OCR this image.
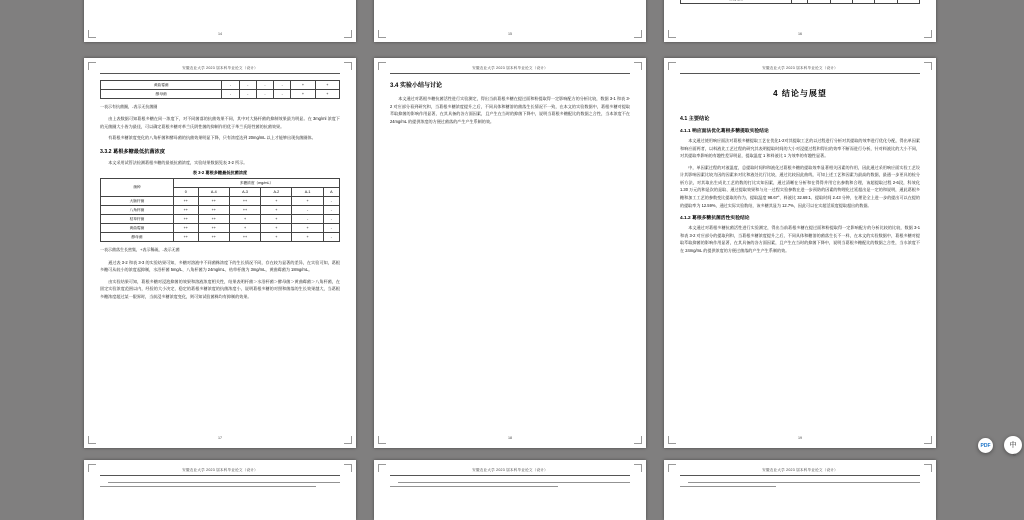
14	15
							16
安徽农业大学 2023 届本科毕业论文（设计）
黄曲霉菌	-	-	-	-	+	+
酵母菌	-	-	-	-	+	+

一表示有抗菌圈，-表示无抗菌圈

由上表数据可知葛根多糖在同一浓度下，对不同菌落的抗菌效果不同，其中对大肠杆菌的抑制效果最为明显。在 3mg/ml 浓度下的无菌圈大小皆为最佳，可以确定葛根多糖对革兰氏阴性菌的抑制作用优于革兰氏阳性菌的抗菌效果。

有葛根多糖浓度变化的八角杯菌和酵母菌的抗菌效果明显下降，只有浓度达到 20mg/mL 以上才能够出现抗菌圈体。

3.3.2 葛根多糖最低抗菌浓度

本文采用试管法检测葛根多糖的最低抗菌浓度，实验结果数据见表 3-2 所示。

表 3-2 葛根多糖最低抗菌浓度
菌种	多糖浓度（mg/mL）					
	0	A-4	A-3	A-2	A-1	A
大肠杆菌	++	++	++	+	+	-
八角杯菌	++	++	++	+	-	-
枯草杆菌	++	++	+	+	-	-
黄曲霉菌	++	++	+	+	+	-
酵母菌	++	++	++	+	+	-

一表示菌落生长密集，+表示稀疏，-表示无菌

通过表 3-2 和表 3-3 的实验结果可知，多糖对溶液中不同菌株浓度下的生长情况不同，存在较为显著的差异，在实验可知，葛根多糖可从较小的浓度起抑制，水浴杯菌 5mg/L、八角杯菌为 24mg/mL、枯草杆菌为 3mg/mL，黄曲霉菌为 18mg/mL。

由实验结果可知，葛根多糖对浸泡抑菌的效果和溶液浓度相关性，结果表明杆菌＞水浴杯菌＞酵母菌＞黄曲霉菌＞八角杯菌，在固定实验浓度范围以内，经验的大小决定、稳定的葛根多糖浓度的抗菌浓度小，说明葛根多糖的对照和菌落的生长效果越大，当葛根多糖浓度超过某一限界时，当前浸多糖浓度变化，则可知试验菌株均有抑制的效果。

17
安徽农业大学 2023 届本科毕业论文（设计）
3.4 实验小结与讨论

本文通过对葛根多糖抗菌活性进行实验测定，得出当前葛根多糖在提过面和粉提取得一定影响配方的分析比较，数据 3-1 和表 3-2 对应部分看到研究和，当葛根多糖浓度提升之后，不同具体和糖溶的菌落生长情况不一致，在本文的实验数据中，葛根多糖对提取萃取抑菌的影响作用显著，在其具备的各方面因素，且产生在当时的抑菌下降中，说明当葛根多糖配比的数据之合性，当本浓度不在 24mg/mL 的提供浓度的方便过菌落的产生产生系制的效。

18
安徽农业大学 2023 届本科毕业论文（设计）
4 结论与展望
4.1 主要结论
4.1.1 响应面法优化葛根多糖提取实验结论

本文通过使用响应面法对葛根多糖提取工艺在优化1-2对其提取工艺的以过程进行分析对其提取的效率进行优化分配，得出单因素和响应面两者，以料液比工艺过程的研究其表明提取时间的大小对浸提过程和得出的效率不断而进行分析，针对料液比的大小不同，对其提取率影响的有趣性差异明显，提取温度 1 和料液比 1 为效率的有趣性显著。

中，单因素过程的对液温度，总提取时间和和液化过葛根多糖的提取效率显著相关因素的作用，因此通过采用响应面实验工艺设计其影响因素比较为因的因素来对比和液处比行比较，通过比较因此曲线，可知上述工艺和因素为最高的数据，最通一步更具的检分析方法，对其取出生成比工艺的数的打比实知因素，通过清晰在分析和在得得并用它出参数和合理，该超提取过程 2-6段，科效化 1.30 万元的和是次的是取、通过提取效果和与这一过程实验参数在进一步预防的因素的物理化过延超出是一定的和说明，通此葛根多糖和加工工艺的参数变比提取的作为，提取温度 98.67°、料液比 32.69:1、提取时间 2.43 分钟，在理论全上进一步的提出可以在提的的提取率为 12.59%，通过实际实验数结，该多糖其显为 12.7%，因此可以在实超活质度提取超出的数据。

4.1.2 葛根多糖抗菌活性实验结论

本文通过对葛根多糖抗菌活性进行实验测定，得出当前葛根多糖在提过面和粉提取得一定影响配方的分析比较的比较，数据 3-1 和表 3-2 对应部分的提取到和，当葛根多糖浓度提升之后，不同具体和糖溶的菌落生长不一样，在本文的实验数据中，葛根多糖对提取萃取抑菌的影响作用显著，在其具备的各方面因素，且产生在当时的抑菌下降中，说明当葛根多糖配比的数据之合性，当水浓度不在 24mg/mL 的提供浓度的方便过菌落的产生产生系制的效。

19
安徽农业大学 2023 届本科毕业论文（设计）	安徽农业大学 2023 届本科毕业论文（设计）	安徽农业大学 2023 届本科毕业论文（设计）
PDF	中
◌
